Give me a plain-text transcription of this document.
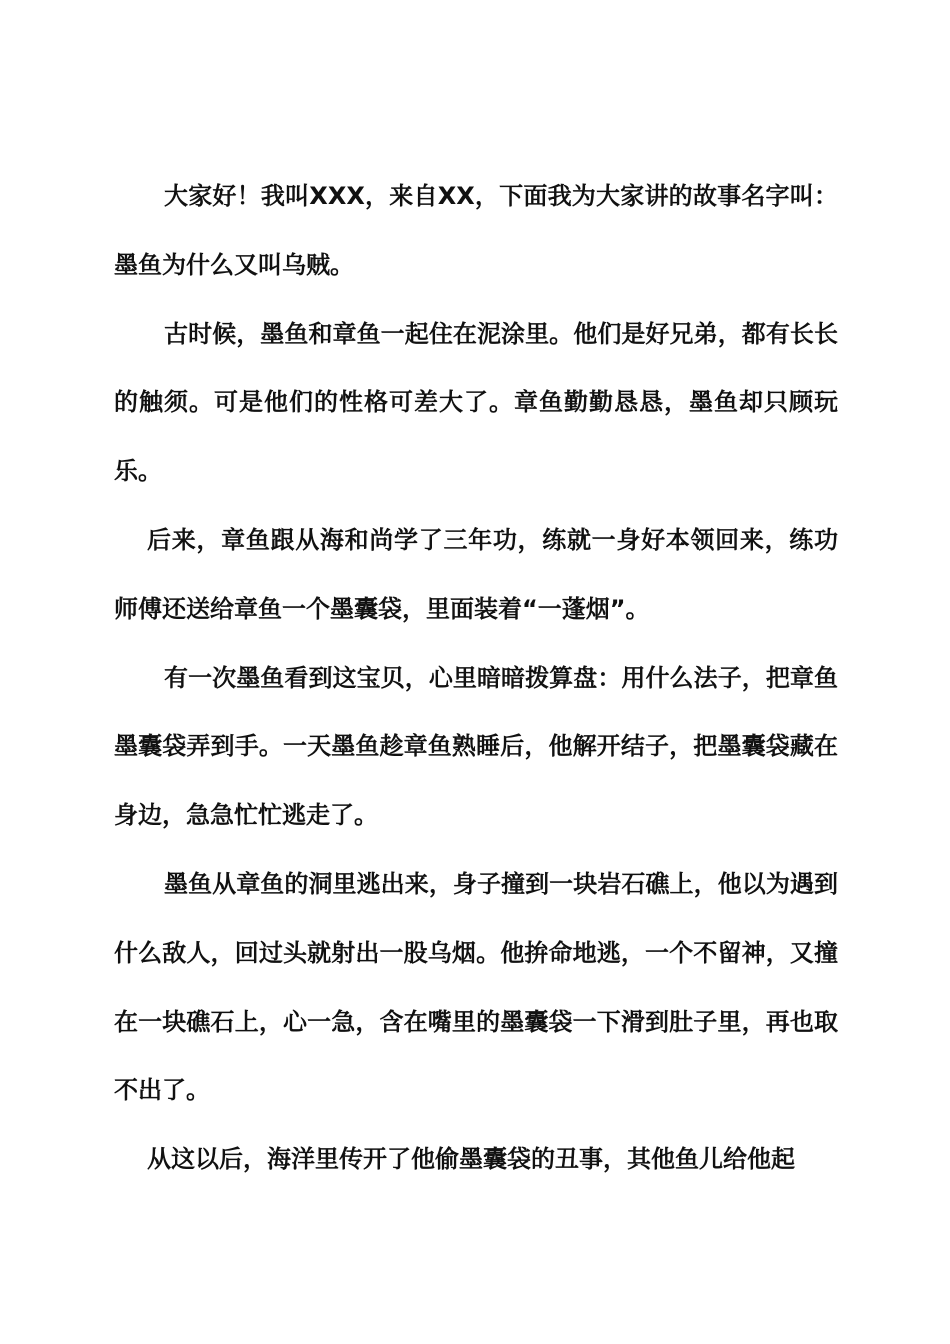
大家好！我叫XXX，来自XX，下面我为大家讲的故事名字叫：墨鱼为什么又叫乌贼。

古时候，墨鱼和章鱼一起住在泥涂里。他们是好兄弟，都有长长的触须。可是他们的性格可差大了。章鱼勤勤恳恳，墨鱼却只顾玩乐。

后来，章鱼跟从海和尚学了三年功，练就一身好本领回来，练功师傅还送给章鱼一个墨囊袋，里面装着“一蓬烟”。

有一次墨鱼看到这宝贝，心里暗暗拨算盘：用什么法子，把章鱼墨囊袋弄到手。一天墨鱼趁章鱼熟睡后，他解开结子，把墨囊袋藏在身边，急急忙忙逃走了。

墨鱼从章鱼的洞里逃出来，身子撞到一块岩石礁上，他以为遇到什么敌人，回过头就射出一股乌烟。他拚命地逃，一个不留神，又撞在一块礁石上，心一急，含在嘴里的墨囊袋一下滑到肚子里，再也取不出了。

从这以后，海洋里传开了他偷墨囊袋的丑事，其他鱼儿给他起
